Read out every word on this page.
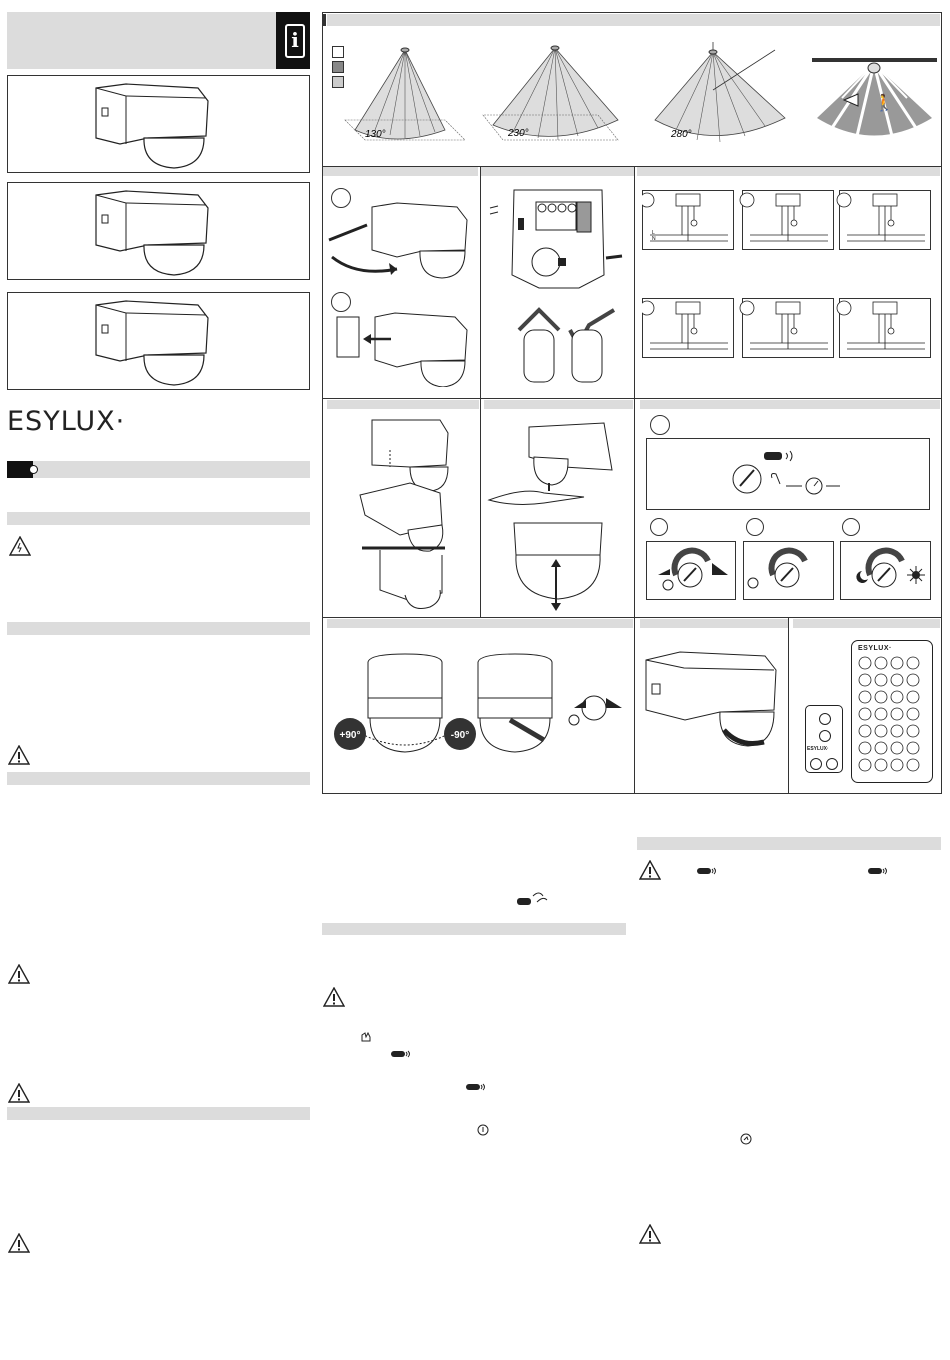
i
ESYLUX·
130°	230°	280°
🚶
L
N
+90°	-90°
ESYLUX·
ESYLUX·
